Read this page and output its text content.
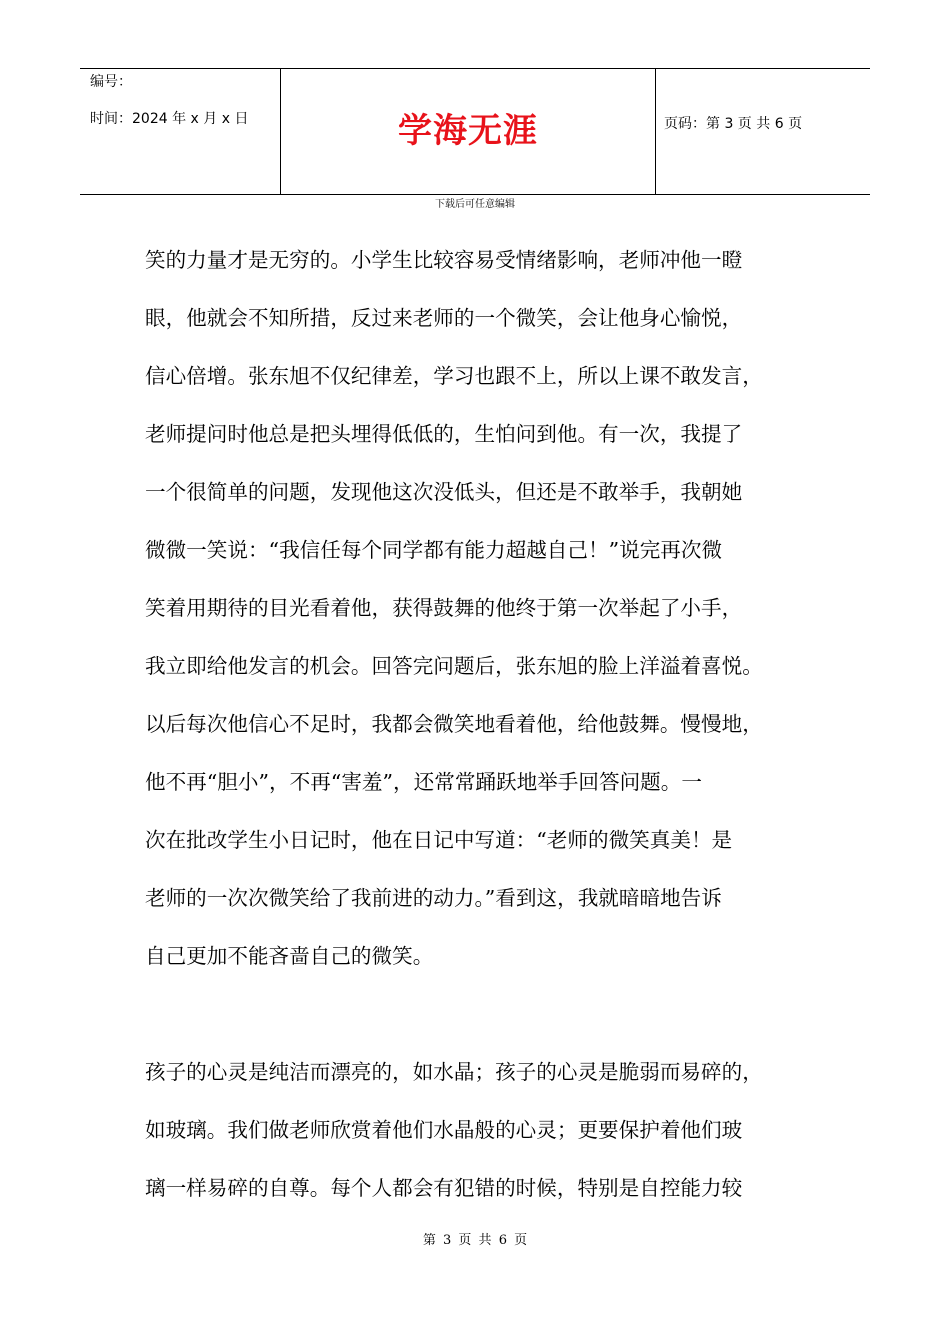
编号：
时间：2024 年 x 月 x 日	学海无涯	页码：第 3 页 共 6 页
下载后可任意编辑
笑的力量才是无穷的。小学生比较容易受情绪影响，老师冲他一瞪
眼，他就会不知所措，反过来老师的一个微笑，会让他身心愉悦，
信心倍增。张东旭不仅纪律差，学习也跟不上，所以上课不敢发言，
老师提问时他总是把头埋得低低的，生怕问到他。有一次，我提了
一个很简单的问题，发现他这次没低头，但还是不敢举手，我朝她
微微一笑说：“我信任每个同学都有能力超越自己！”说完再次微
笑着用期待的目光看着他，获得鼓舞的他终于第一次举起了小手，
我立即给他发言的机会。回答完问题后，张东旭的脸上洋溢着喜悦。
以后每次他信心不足时，我都会微笑地看着他，给他鼓舞。慢慢地，
他不再“胆小”，不再“害羞”，还常常踊跃地举手回答问题。一
次在批改学生小日记时，他在日记中写道：“老师的微笑真美！是
老师的一次次微笑给了我前进的动力。”看到这，我就暗暗地告诉
自己更加不能吝啬自己的微笑。
孩子的心灵是纯洁而漂亮的，如水晶；孩子的心灵是脆弱而易碎的，
如玻璃。我们做老师欣赏着他们水晶般的心灵；更要保护着他们玻
璃一样易碎的自尊。每个人都会有犯错的时候，特别是自控能力较
第 3 页 共 6 页
